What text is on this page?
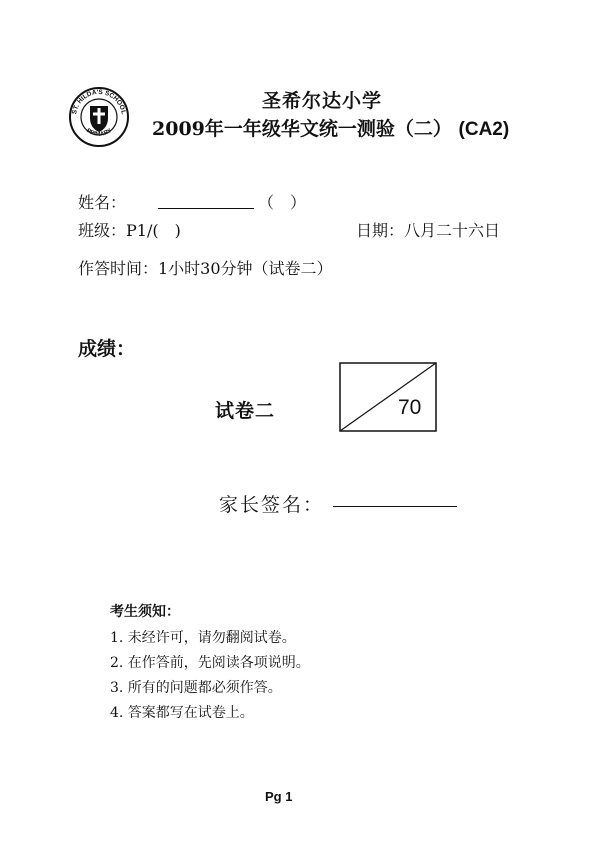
ST. HILDA'S SCHOOL
PRIMARY
圣希尔达小学
2009年一年级华文统一测验（二） (CA2)
姓名：	（　）
班级：P1/(　)	日期：八月二十六日
作答时间：1小时30分钟（试卷二）
成绩：
试卷二	70
家长签名：
考生须知：
1. 未经许可，请勿翻阅试卷。
2. 在作答前，先阅读各项说明。
3. 所有的问题都必须作答。
4. 答案都写在试卷上。
Pg 1
